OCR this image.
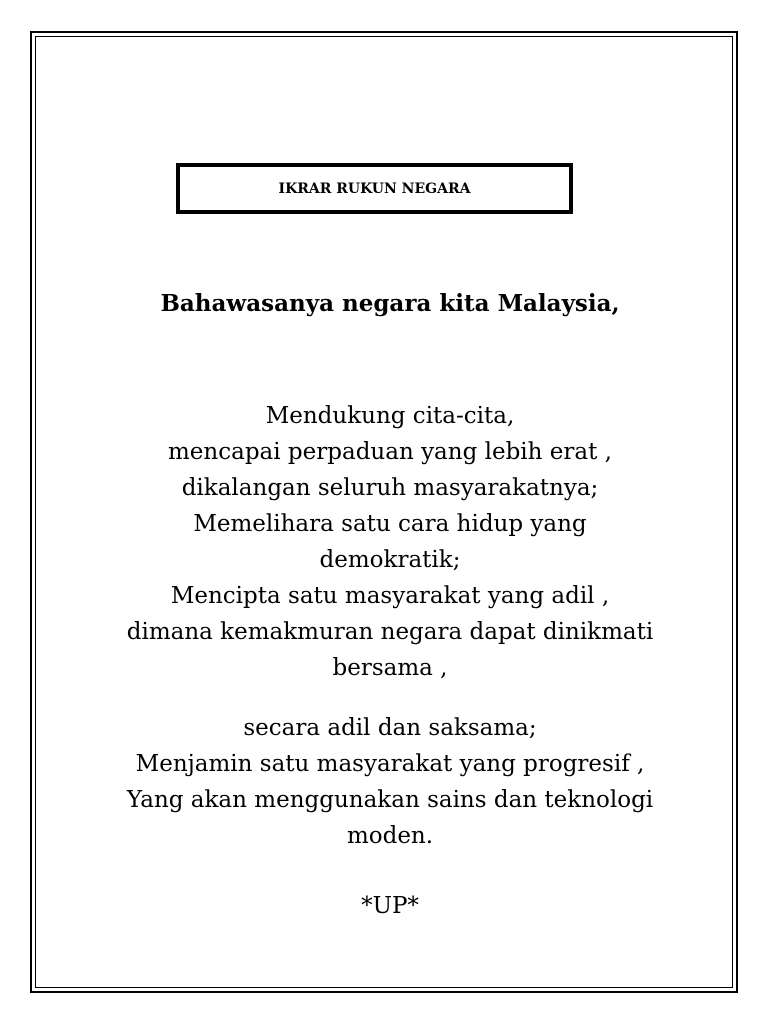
IKRAR RUKUN NEGARA
Bahawasanya negara kita Malaysia,
Mendukung cita-cita,
mencapai perpaduan yang lebih erat ,
dikalangan seluruh masyarakatnya;
Memelihara satu cara hidup yang
demokratik;
Mencipta satu masyarakat yang adil ,
dimana kemakmuran negara dapat dinikmati
bersama ,
secara adil dan saksama;
Menjamin satu masyarakat yang progresif ,
Yang akan menggunakan sains dan teknologi
moden.
*UP*
